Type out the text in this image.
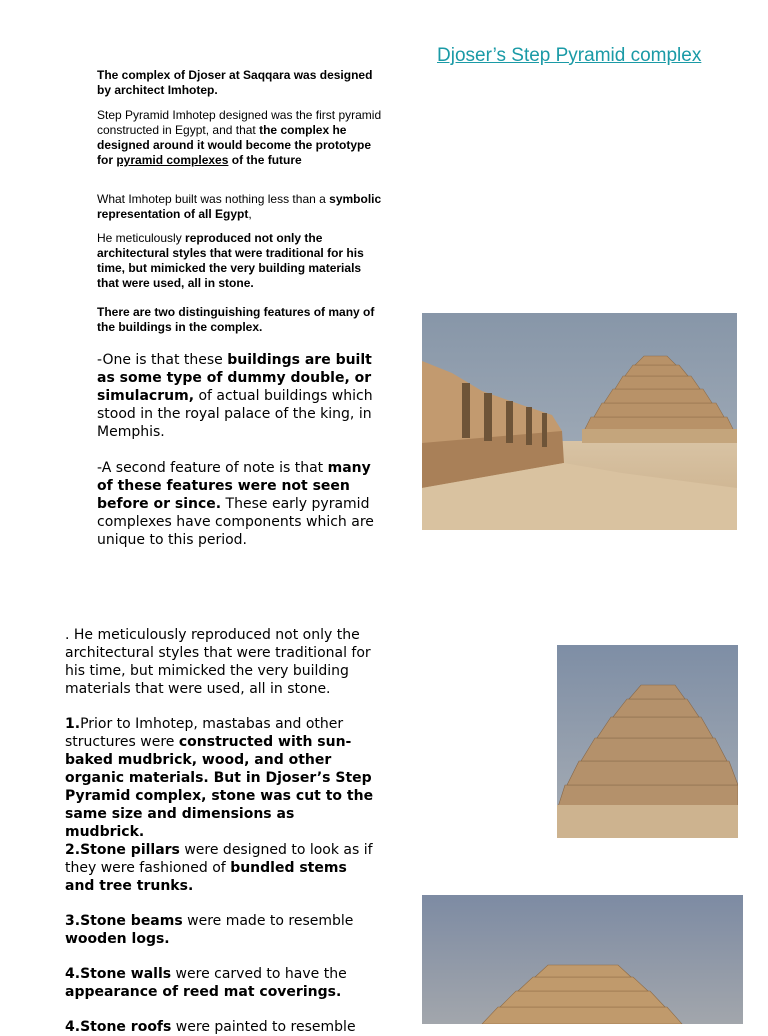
Djoser’s Step Pyramid complex
The complex of Djoser at Saqqara was designed by architect Imhotep.
Step Pyramid Imhotep designed was the first pyramid constructed in Egypt, and that the complex he designed around it would become the prototype for pyramid complexes of the future
What Imhotep built was nothing less than a symbolic representation of all Egypt,
He meticulously reproduced not only the architectural styles that were traditional for his time, but mimicked the very building materials that were used, all in stone.
There are two distinguishing features of many of the buildings in the complex.

-One is that these buildings are built as some type of dummy double, or simulacrum, of actual buildings which stood in the royal palace of the king, in Memphis.

-A second feature of note is that many of these features were not seen before or since. These early pyramid complexes have components which are unique to this period.

. He meticulously reproduced not only the architectural styles that were traditional for his time, but mimicked the very building materials that were used, all in stone.

1.Prior to Imhotep, mastabas and other structures were constructed with sun-baked mudbrick, wood, and other organic materials. But in Djoser’s Step Pyramid complex, stone was cut to the same size and dimensions as mudbrick.

2.Stone pillars were designed to look as if they were fashioned of bundled stems and tree trunks.

3.Stone beams were made to resemble wooden logs.

4.Stone walls were carved to have the appearance of reed mat coverings.

4.Stone roofs were painted to resemble
